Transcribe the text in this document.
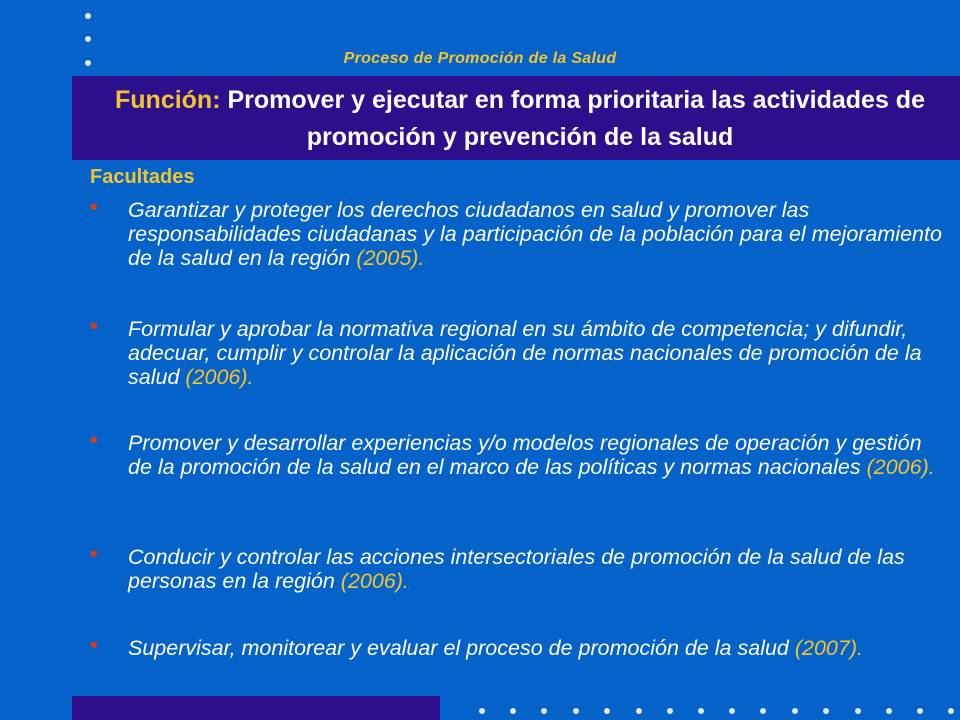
Proceso de Promoción de la Salud
Función: Promover y ejecutar en forma prioritaria las actividades de promoción y prevención de la salud
Facultades
• Garantizar y proteger los derechos ciudadanos en salud y promover las responsabilidades ciudadanas y la participación de la población para el mejoramiento de la salud en la región (2005).
• Formular y aprobar la normativa regional en su ámbito de competencia; y difundir, adecuar, cumplir y controlar la aplicación de normas nacionales de promoción de la salud (2006).
• Promover y desarrollar experiencias y/o modelos regionales de operación y gestión de la promoción de la salud en el marco de las políticas y normas nacionales (2006).
• Conducir y controlar las acciones intersectoriales de promoción de la salud de las personas en la región (2006).
• Supervisar, monitorear y evaluar el proceso de promoción de la salud (2007).
